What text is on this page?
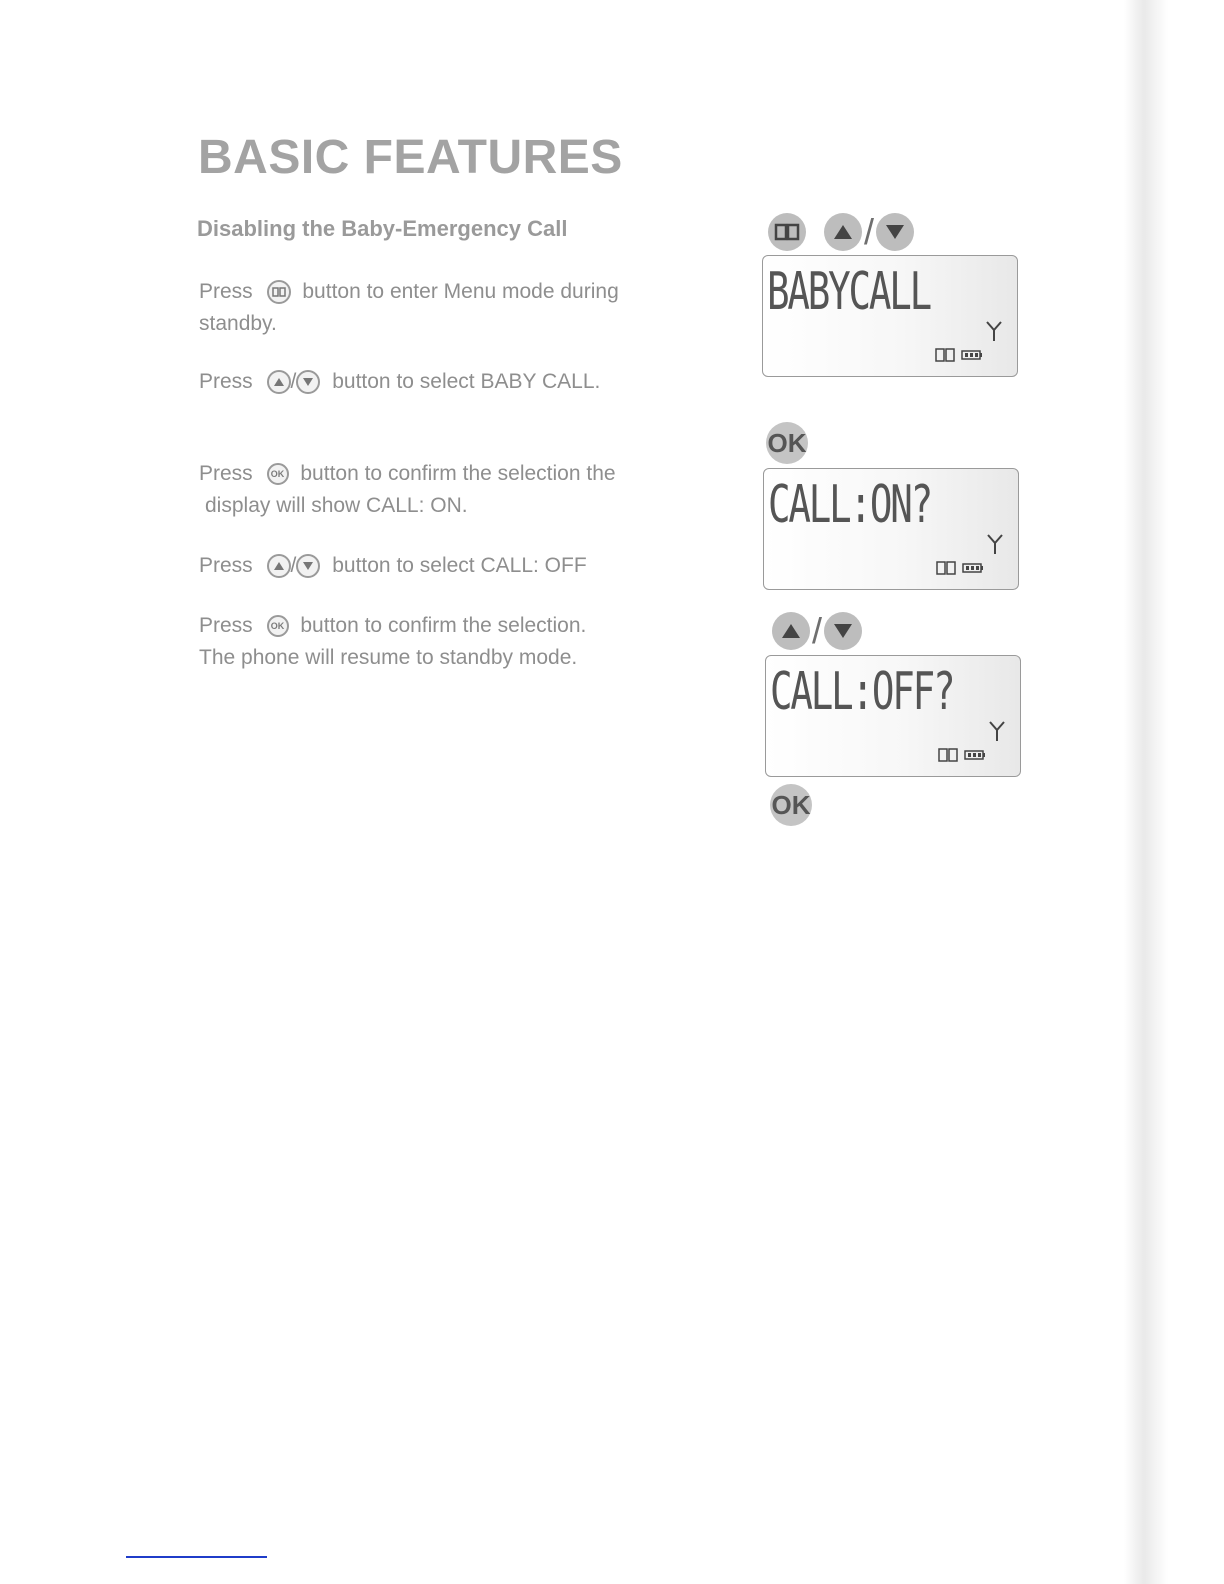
BASIC FEATURES
Disabling the Baby-Emergency Call
Press button to enter Menu mode during
standby.
Press / button to select BABY CALL.
Press OK button to confirm the selection the
display will show CALL: ON.
Press / button to select CALL: OFF
Press OK button to confirm the selection.
The phone will resume to standby mode.
/
BABYCALL
OK
CALL:ON?
/
CALL:OFF?
OK
